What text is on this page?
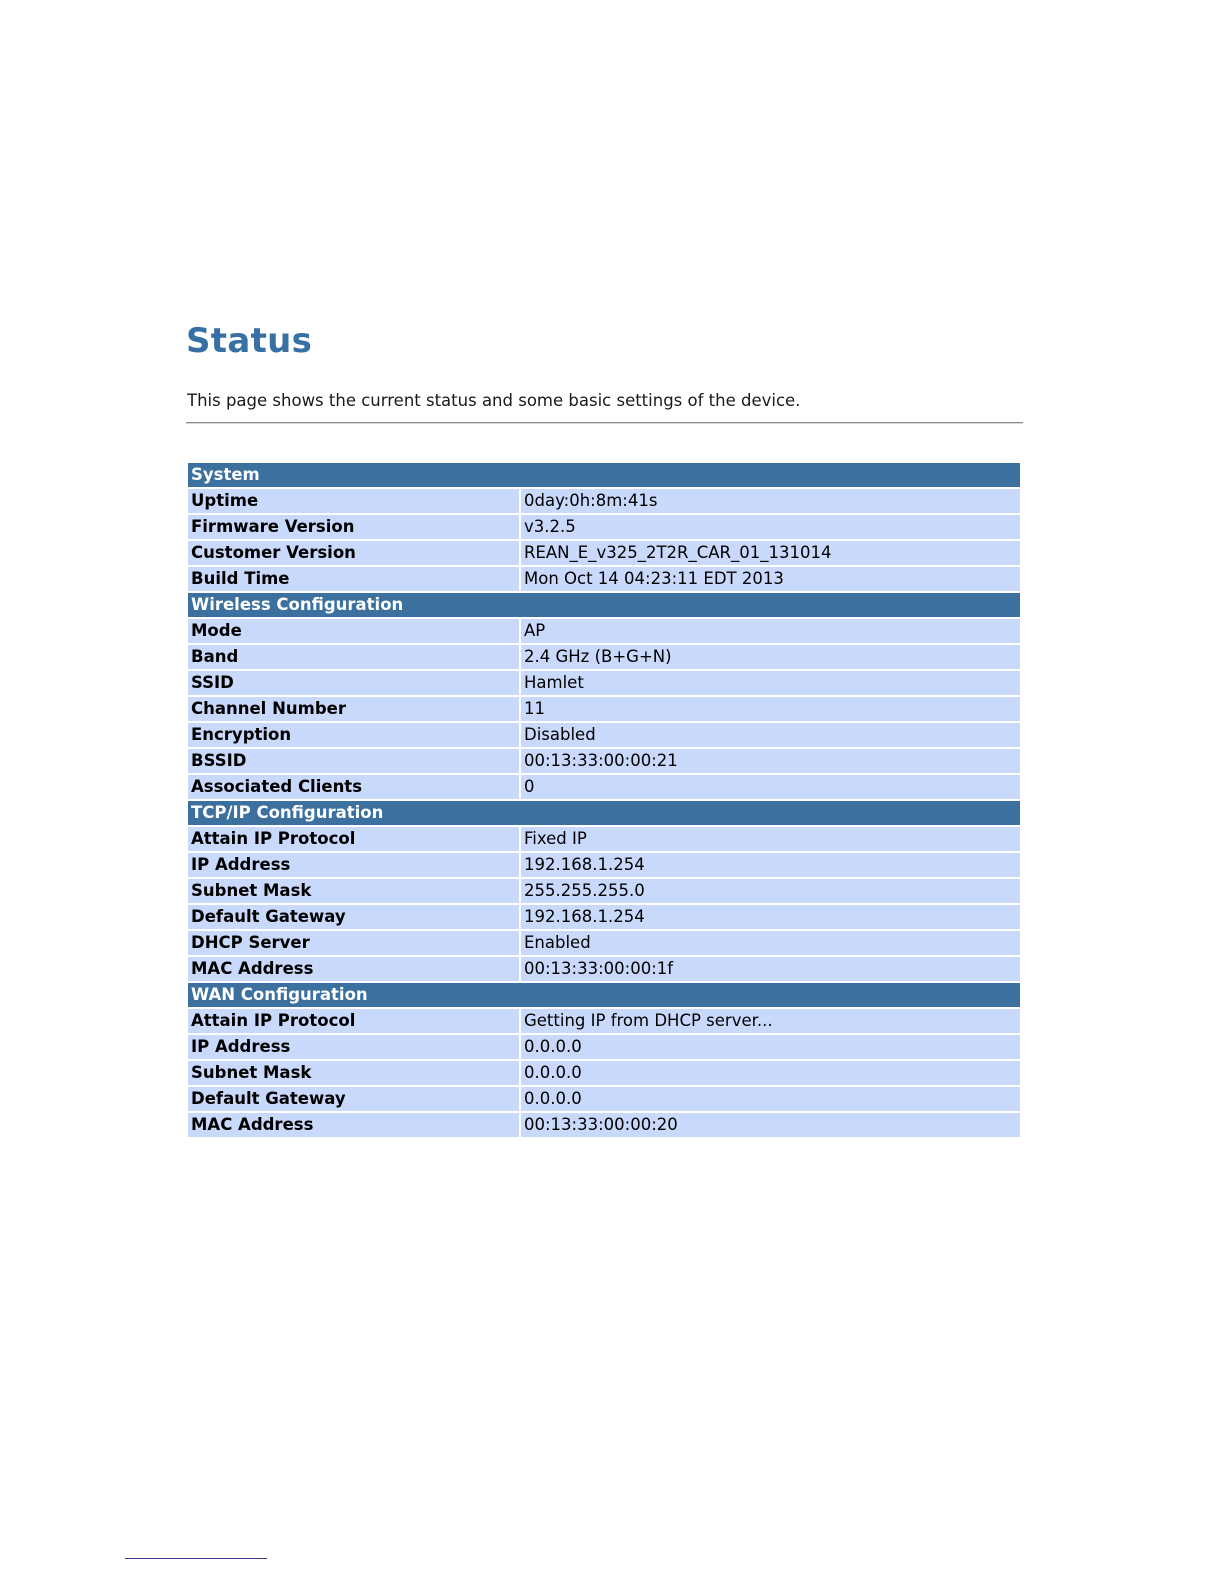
Status

This page shows the current status and some basic settings of the device.

System	
Uptime	0day:0h:8m:41s
Firmware Version	v3.2.5
Customer Version	REAN_E_v325_2T2R_CAR_01_131014
Build Time	Mon Oct 14 04:23:11 EDT 2013
Wireless Configuration	
Mode	AP
Band	2.4 GHz (B+G+N)
SSID	Hamlet
Channel Number	11
Encryption	Disabled
BSSID	00:13:33:00:00:21
Associated Clients	0
TCP/IP Configuration	
Attain IP Protocol	Fixed IP
IP Address	192.168.1.254
Subnet Mask	255.255.255.0
Default Gateway	192.168.1.254
DHCP Server	Enabled
MAC Address	00:13:33:00:00:1f
WAN Configuration	
Attain IP Protocol	Getting IP from DHCP server...
IP Address	0.0.0.0
Subnet Mask	0.0.0.0
Default Gateway	0.0.0.0
MAC Address	00:13:33:00:00:20
